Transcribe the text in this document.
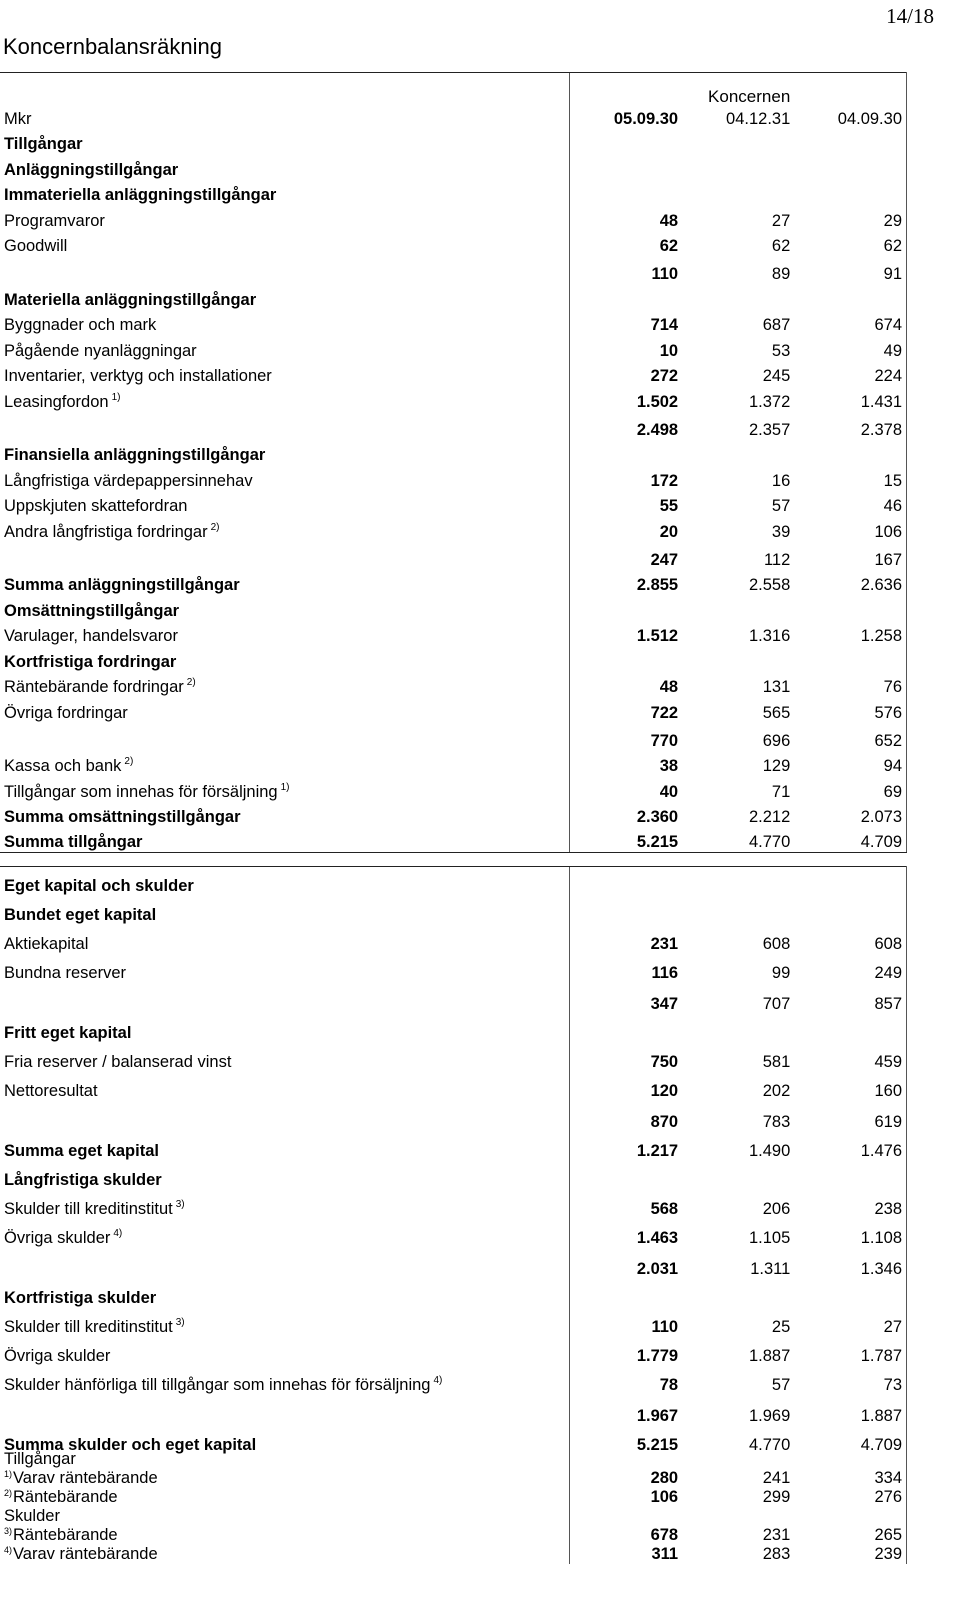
14/18
Koncernbalansräkning
		Koncernen	
Mkr	05.09.30	04.12.31	04.09.30
Tillgångar			
Anläggningstillgångar			
Immateriella anläggningstillgångar			
Programvaror	48	27	29
Goodwill	62	62	62
	110	89	91
Materiella anläggningstillgångar			
Byggnader och mark	714	687	674
Pågående nyanläggningar	10	53	49
Inventarier, verktyg och installationer	272	245	224
Leasingfordon $^{1)}$	1.502	1.372	1.431
	2.498	2.357	2.378
Finansiella anläggningstillgångar			
Långfristiga värdepappersinnehav	172	16	15
Uppskjuten skattefordran	55	57	46
Andra långfristiga fordringar $^{2)}$	20	39	106
	247	112	167
Summa anläggningstillgångar	2.855	2.558	2.636
Omsättningstillgångar			
Varulager, handelsvaror	1.512	1.316	1.258
Kortfristiga fordringar			
Räntebärande fordringar $^{2)}$	48	131	76
Övriga fordringar	722	565	576
	770	696	652
Kassa och bank $^{2)}$	38	129	94
Tillgångar som innehas för försäljning $^{1)}$	40	71	69
Summa omsättningstillgångar	2.360	2.212	2.073
Summa tillgångar	5.215	4.770	4.709
Eget kapital och skulder			
Bundet eget kapital			
Aktiekapital	231	608	608
Bundna reserver	116	99	249
	347	707	857
Fritt eget kapital			
Fria reserver / balanserad vinst	750	581	459
Nettoresultat	120	202	160
	870	783	619
Summa eget kapital	1.217	1.490	1.476
Långfristiga skulder			
Skulder till kreditinstitut $^{3)}$	568	206	238
Övriga skulder $^{4)}$	1.463	1.105	1.108
	2.031	1.311	1.346
Kortfristiga skulder			
Skulder till kreditinstitut $^{3)}$	110	25	27
Övriga skulder	1.779	1.887	1.787
Skulder hänförliga till tillgångar som innehas för försäljning $^{4)}$	78	57	73
	1.967	1.969	1.887
Summa skulder och eget kapital	5.215	4.770	4.709
Tillgångar			
$^{1)}$Varav räntebärande	280	241	334
$^{2)}$Räntebärande	106	299	276
Skulder			
$^{3)}$Räntebärande	678	231	265
$^{4)}$Varav räntebärande	311	283	239
